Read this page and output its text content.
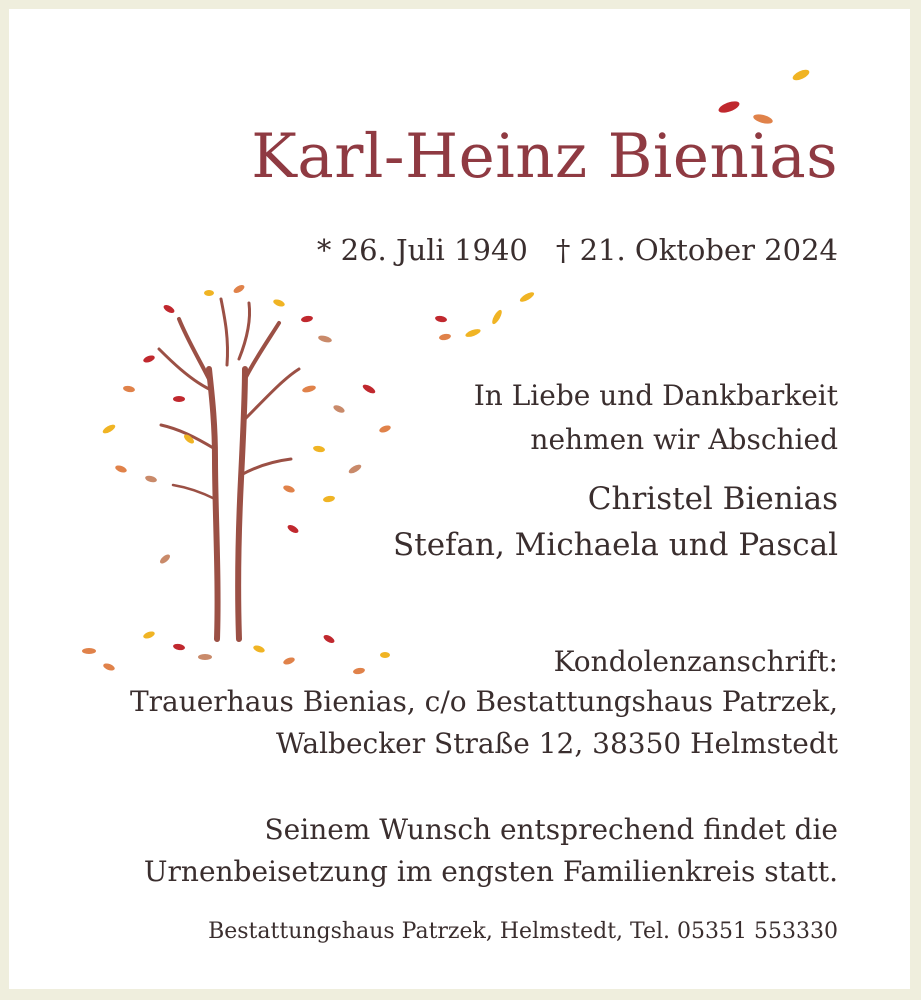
Karl-Heinz Bienias
* 26. Juli 1940 † 21. Oktober 2024
In Liebe und Dankbarkeit
nehmen wir Abschied
Christel Bienias
Stefan, Michaela und Pascal
Kondolenzanschrift:
Trauerhaus Bienias, c/o Bestattungshaus Patrzek,
Walbecker Straße 12, 38350 Helmstedt
Seinem Wunsch entsprechend findet die
Urnenbeisetzung im engsten Familienkreis statt.
Bestattungshaus Patrzek, Helmstedt, Tel. 05351 553330
